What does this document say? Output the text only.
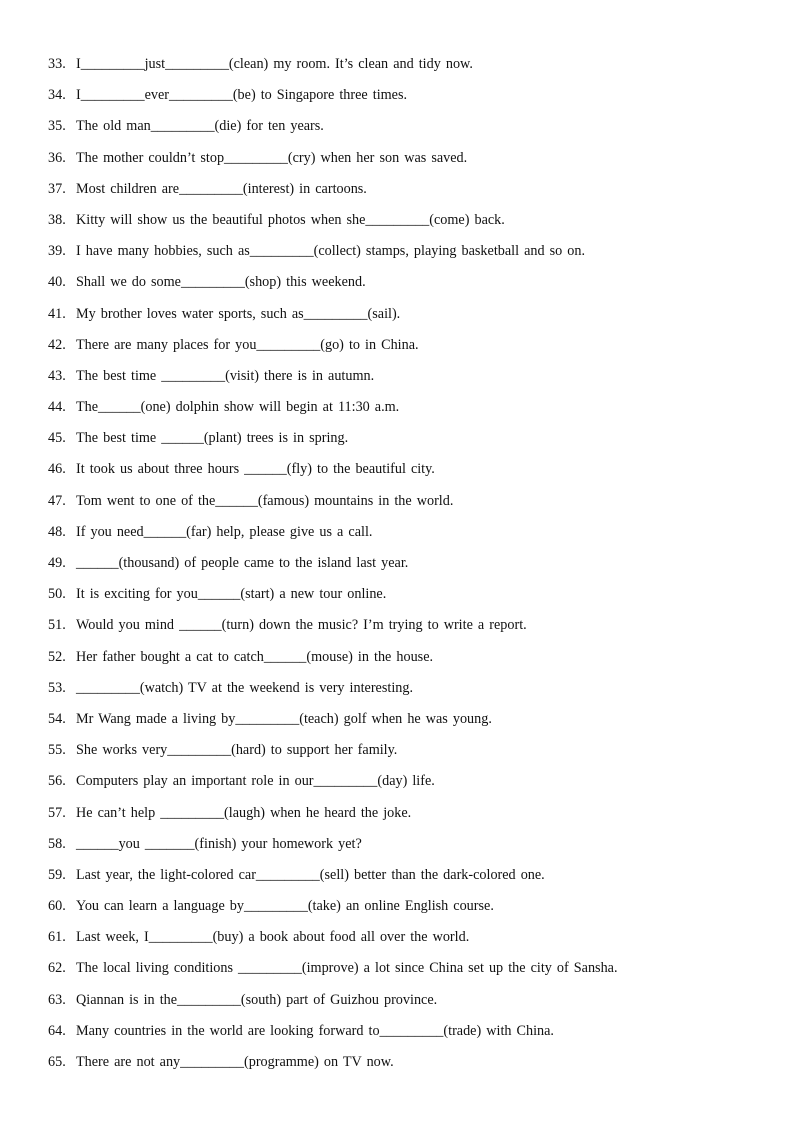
33. I_________just_________(clean) my room. It’s clean and tidy now.
34. I_________ever_________(be) to Singapore three times.
35. The old man_________(die) for ten years.
36. The mother couldn’t stop_________(cry) when her son was saved.
37. Most children are_________(interest) in cartoons.
38. Kitty will show us the beautiful photos when she_________(come) back.
39. I have many hobbies, such as_________(collect) stamps, playing basketball and so on.
40. Shall we do some_________(shop) this weekend.
41. My brother loves water sports, such as_________(sail).
42. There are many places for you_________(go) to in China.
43. The best time _________(visit) there is in autumn.
44. The______(one) dolphin show will begin at 11:30 a.m.
45. The best time ______(plant) trees is in spring.
46. It took us about three hours ______(fly) to the beautiful city.
47. Tom went to one of the______(famous) mountains in the world.
48. If you need______(far) help, please give us a call.
49. ______(thousand) of people came to the island last year.
50. It is exciting for you______(start) a new tour online.
51. Would you mind ______(turn) down the music? I’m trying to write a report.
52. Her father bought a cat to catch______(mouse) in the house.
53. _________(watch) TV at the weekend is very interesting.
54. Mr Wang made a living by_________(teach) golf when he was young.
55. She works very_________(hard) to support her family.
56. Computers play an important role in our_________(day) life.
57. He can’t help _________(laugh) when he heard the joke.
58. ______you _______(finish) your homework yet?
59. Last year, the light-colored car_________(sell) better than the dark-colored one.
60. You can learn a language by_________(take) an online English course.
61. Last week, I_________(buy) a book about food all over the world.
62. The local living conditions _________(improve) a lot since China set up the city of Sansha.
63. Qiannan is in the_________(south) part of Guizhou province.
64. Many countries in the world are looking forward to_________(trade) with China.
65. There are not any_________(programme) on TV now.
